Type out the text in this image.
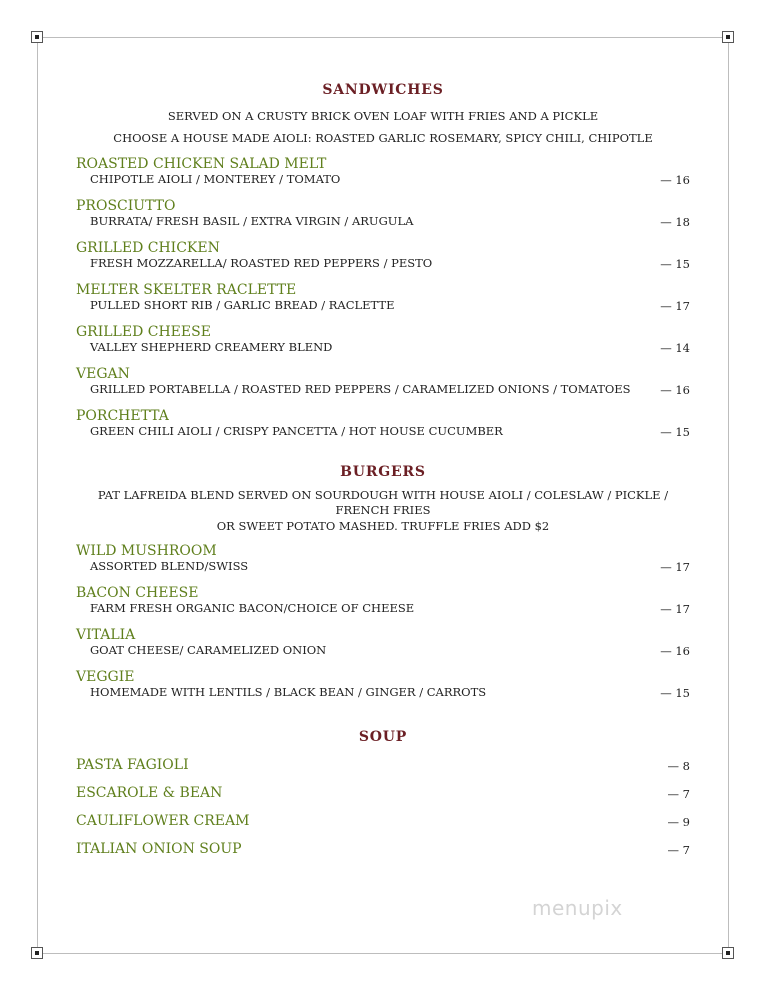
SANDWICHES

SERVED ON A CRUSTY BRICK OVEN LOAF WITH FRIES AND A PICKLE

CHOOSE A HOUSE MADE AIOLI: ROASTED GARLIC ROSEMARY, SPICY CHILI, CHIPOTLE

ROASTED CHICKEN SALAD MELT

CHIPOTLE AIOLI / MONTEREY / TOMATO	— 16

PROSCIUTTO

BURRATA/ FRESH BASIL / EXTRA VIRGIN / ARUGULA	— 18

GRILLED CHICKEN

FRESH MOZZARELLA/ ROASTED RED PEPPERS / PESTO	— 15

MELTER SKELTER RACLETTE

PULLED SHORT RIB / GARLIC BREAD / RACLETTE	— 17

GRILLED CHEESE

VALLEY SHEPHERD CREAMERY BLEND	— 14

VEGAN

GRILLED PORTABELLA / ROASTED RED PEPPERS / CARAMELIZED ONIONS / TOMATOES	— 16

PORCHETTA

GREEN CHILI AIOLI / CRISPY PANCETTA / HOT HOUSE CUCUMBER	— 15
BURGERS

PAT LAFREIDA BLEND SERVED ON SOURDOUGH WITH HOUSE AIOLI / COLESLAW / PICKLE / FRENCH FRIES

OR SWEET POTATO MASHED. TRUFFLE FRIES ADD $2

WILD MUSHROOM

ASSORTED BLEND/SWISS	— 17

BACON CHEESE

FARM FRESH ORGANIC BACON/CHOICE OF CHEESE	— 17

VITALIA

GOAT CHEESE/ CARAMELIZED ONION	— 16

VEGGIE

HOMEMADE WITH LENTILS / BLACK BEAN / GINGER / CARROTS	— 15
SOUP

PASTA FAGIOLI	— 8

ESCAROLE & BEAN	— 7

CAULIFLOWER CREAM	— 9

ITALIAN ONION SOUP	— 7
menupix
